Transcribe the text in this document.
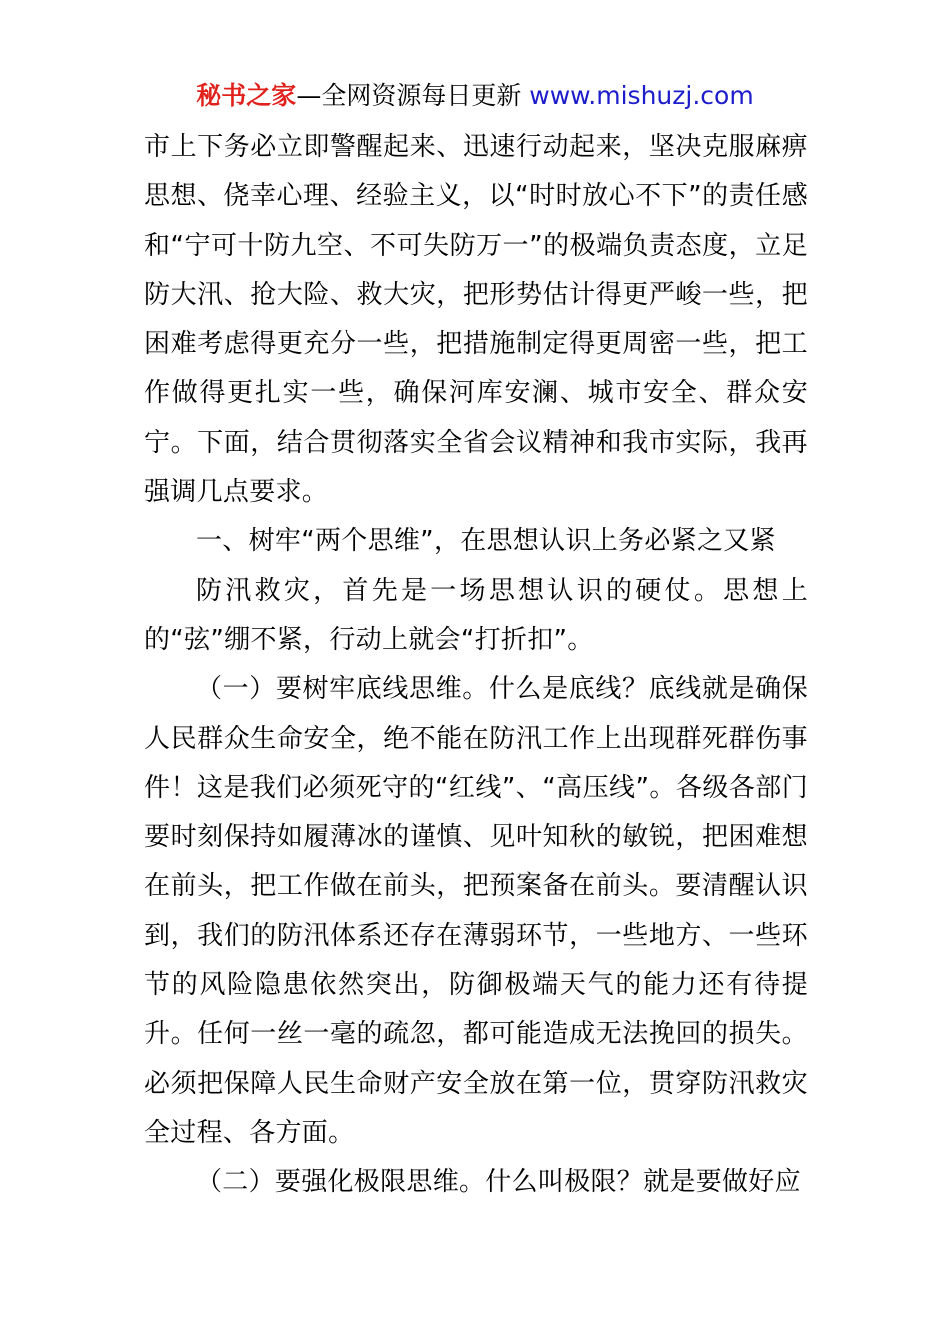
秘书之家—全网资源每日更新 www.mishuzj.com

市上下务必立即警醒起来、迅速行动起来，坚决克服麻痹思想、侥幸心理、经验主义，以“时时放心不下”的责任感和“宁可十防九空、不可失防万一”的极端负责态度，立足防大汛、抢大险、救大灾，把形势估计得更严峻一些，把困难考虑得更充分一些，把措施制定得更周密一些，把工作做得更扎实一些，确保河库安澜、城市安全、群众安宁。下面，结合贯彻落实全省会议精神和我市实际，我再强调几点要求。

一、树牢“两个思维”，在思想认识上务必紧之又紧

防汛救灾，首先是一场思想认识的硬仗。思想上的“弦”绷不紧，行动上就会“打折扣”。

（一）要树牢底线思维。什么是底线？底线就是确保人民群众生命安全，绝不能在防汛工作上出现群死群伤事件！这是我们必须死守的“红线”、“高压线”。各级各部门要时刻保持如履薄冰的谨慎、见叶知秋的敏锐，把困难想在前头，把工作做在前头，把预案备在前头。要清醒认识到，我们的防汛体系还存在薄弱环节，一些地方、一些环节的风险隐患依然突出，防御极端天气的能力还有待提升。任何一丝一毫的疏忽，都可能造成无法挽回的损失。必须把保障人民生命财产安全放在第一位，贯穿防汛救灾全过程、各方面。

（二）要强化极限思维。什么叫极限？就是要做好应
